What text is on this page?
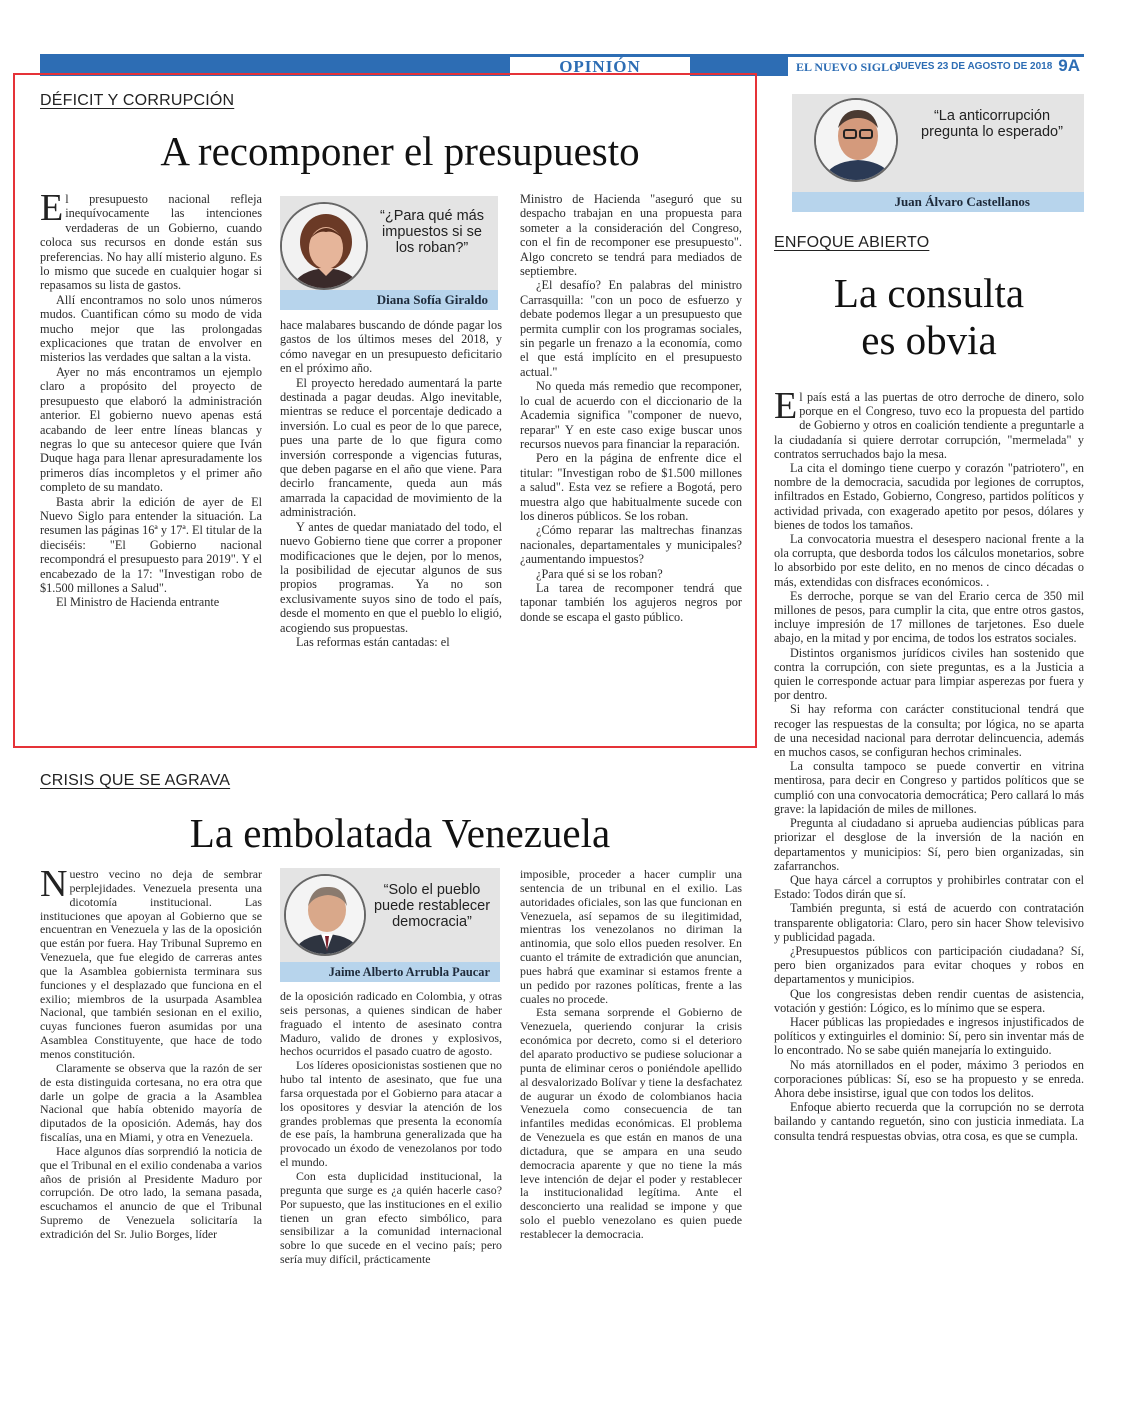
OPINIÓN	EL NUEVO SIGLO
JUEVES 23 DE AGOSTO DE 2018 9A
DÉFICIT Y CORRUPCIÓN
A recomponer el presupuesto

El presupuesto nacional refleja inequívocamente las intenciones verdaderas de un Gobierno, cuando coloca sus recursos en donde están sus preferencias. No hay allí misterio alguno. Es lo mismo que sucede en cualquier hogar si repasamos su lista de gastos.

Allí encontramos no solo unos números mudos. Cuantifican cómo su modo de vida mucho mejor que las prolongadas explicaciones que tratan de envolver en misterios las verdades que saltan a la vista.

Ayer no más encontramos un ejemplo claro a propósito del proyecto de presupuesto que elaboró la administración anterior. El gobierno nuevo apenas está acabando de leer entre líneas blancas y negras lo que su antecesor quiere que Iván Duque haga para llenar apresuradamente los primeros días incompletos y el primer año completo de su mandato.

Basta abrir la edición de ayer de El Nuevo Siglo para entender la situación. La resumen las páginas 16ª y 17ª. El titular de la dieciséis: "El Gobierno nacional recompondrá el presupuesto para 2019". Y el encabezado de la 17: "Investigan robo de $1.500 millones a Salud".

El Ministro de Hacienda entrante

“¿Para qué más impuestos si se los roban?”
Diana Sofía Giraldo

hace malabares buscando de dónde pagar los gastos de los últimos meses del 2018, y cómo navegar en un presupuesto deficitario en el próximo año.

El proyecto heredado aumentará la parte destinada a pagar deudas. Algo inevitable, mientras se reduce el porcentaje dedicado a inversión. Lo cual es peor de lo que parece, pues una parte de lo que figura como inversión corresponde a vigencias futuras, que deben pagarse en el año que viene. Para decirlo francamente, queda aun más amarrada la capacidad de movimiento de la administración.

Y antes de quedar maniatado del todo, el nuevo Gobierno tiene que correr a proponer modificaciones que le dejen, por lo menos, la posibilidad de ejecutar algunos de sus propios programas. Ya no son exclusivamente suyos sino de todo el país, desde el momento en que el pueblo lo eligió, acogiendo sus propuestas.

Las reformas están cantadas: el

Ministro de Hacienda "aseguró que su despacho trabajan en una propuesta para someter a la consideración del Congreso, con el fin de recomponer ese presupuesto". Algo concreto se tendrá para mediados de septiembre.

¿El desafío? En palabras del ministro Carrasquilla: "con un poco de esfuerzo y debate podemos llegar a un presupuesto que permita cumplir con los programas sociales, sin pegarle un frenazo a la economía, como el que está implícito en el presupuesto actual."

No queda más remedio que recomponer, lo cual de acuerdo con el diccionario de la Academia significa "componer de nuevo, reparar" Y en este caso exige buscar unos recursos nuevos para financiar la reparación.

Pero en la página de enfrente dice el titular: "Investigan robo de $1.500 millones a salud". Esta vez se refiere a Bogotá, pero muestra algo que habitualmente sucede con los dineros públicos. Se los roban.

¿Cómo reparar las maltrechas finanzas nacionales, departamentales y municipales? ¿aumentando impuestos?

¿Para qué si se los roban?

La tarea de recomponer tendrá que taponar también los agujeros negros por donde se escapa el gasto público.

CRISIS QUE SE AGRAVA
La embolatada Venezuela

Nuestro vecino no deja de sembrar perplejidades. Venezuela presenta una dicotomía institucional. Las instituciones que apoyan al Gobierno que se encuentran en Venezuela y las de la oposición que están por fuera. Hay Tribunal Supremo en Venezuela, que fue elegido de carreras antes que la Asamblea gobiernista terminara sus funciones y el desplazado que funciona en el exilio; miembros de la usurpada Asamblea Nacional, que también sesionan en el exilio, cuyas funciones fueron asumidas por una Asamblea Constituyente, que hace de todo menos constitución.

Claramente se observa que la razón de ser de esta distinguida cortesana, no era otra que darle un golpe de gracia a la Asamblea Nacional que había obtenido mayoría de diputados de la oposición. Además, hay dos fiscalías, una en Miami, y otra en Venezuela.

Hace algunos días sorprendió la noticia de que el Tribunal en el exilio condenaba a varios años de prisión al Presidente Maduro por corrupción. De otro lado, la semana pasada, escuchamos el anuncio de que el Tribunal Supremo de Venezuela solicitaría la extradición del Sr. Julio Borges, líder

“Solo el pueblo puede restablecer democracia”
Jaime Alberto Arrubla Paucar

de la oposición radicado en Colombia, y otras seis personas, a quienes sindican de haber fraguado el intento de asesinato contra Maduro, valido de drones y explosivos, hechos ocurridos el pasado cuatro de agosto.

Los líderes oposicionistas sostienen que no hubo tal intento de asesinato, que fue una farsa orquestada por el Gobierno para atacar a los opositores y desviar la atención de los grandes problemas que presenta la economía de ese país, la hambruna generalizada que ha provocado un éxodo de venezolanos por todo el mundo.

Con esta duplicidad institucional, la pregunta que surge es ¿a quién hacerle caso? Por supuesto, que las instituciones en el exilio tienen un gran efecto simbólico, para sensibilizar a la comunidad internacional sobre lo que sucede en el vecino país; pero sería muy difícil, prácticamente

imposible, proceder a hacer cumplir una sentencia de un tribunal en el exilio. Las autoridades oficiales, son las que funcionan en Venezuela, así sepamos de su ilegitimidad, mientras los venezolanos no diriman la antinomia, que solo ellos pueden resolver. En cuanto el trámite de extradición que anuncian, pues habrá que examinar si estamos frente a un pedido por razones políticas, frente a las cuales no procede.

Esta semana sorprende el Gobierno de Venezuela, queriendo conjurar la crisis económica por decreto, como si el deterioro del aparato productivo se pudiese solucionar a punta de eliminar ceros o poniéndole apellido al desvalorizado Bolívar y tiene la desfachatez de augurar un éxodo de colombianos hacia Venezuela como consecuencia de tan infantiles medidas económicas. El problema de Venezuela es que están en manos de una dictadura, que se ampara en una seudo democracia aparente y que no tiene la más leve intención de dejar el poder y restablecer la institucionalidad legítima. Ante el desconcierto una realidad se impone y que solo el pueblo venezolano es quien puede restablecer la democracia.

“La anticorrupción pregunta lo esperado”
Juan Álvaro Castellanos
ENFOQUE ABIERTO
La consulta
es obvia

El país está a las puertas de otro derroche de dinero, solo porque en el Congreso, tuvo eco la propuesta del partido de Gobierno y otros en coalición tendiente a preguntarle a la ciudadanía si quiere derrotar corrupción, "mermelada" y contratos serruchados bajo la mesa.

La cita el domingo tiene cuerpo y corazón "patriotero", en nombre de la democracia, sacudida por legiones de corruptos, infiltrados en Estado, Gobierno, Congreso, partidos políticos y actividad privada, con exagerado apetito por pesos, dólares y bienes de todos los tamaños.

La convocatoria muestra el desespero nacional frente a la ola corrupta, que desborda todos los cálculos monetarios, sobre lo absorbido por este delito, en no menos de cinco décadas o más, extendidas con disfraces económicos. .

Es derroche, porque se van del Erario cerca de 350 mil millones de pesos, para cumplir la cita, que entre otros gastos, incluye impresión de 17 millones de tarjetones. Eso duele abajo, en la mitad y por encima, de todos los estratos sociales.

Distintos organismos jurídicos civiles han sostenido que contra la corrupción, con siete preguntas, es a la Justicia a quien le corresponde actuar para limpiar asperezas por fuera y por dentro.

Si hay reforma con carácter constitucional tendrá que recoger las respuestas de la consulta; por lógica, no se aparta de una necesidad nacional para derrotar delincuencia, además en muchos casos, se configuran hechos criminales.

La consulta tampoco se puede convertir en vitrina mentirosa, para decir en Congreso y partidos políticos que se cumplió con una convocatoria democrática; Pero callará lo más grave: la lapidación de miles de millones.

Pregunta al ciudadano si aprueba audiencias públicas para priorizar el desglose de la inversión de la nación en departamentos y municipios: Sí, pero bien organizadas, sin zafarranchos.

Que haya cárcel a corruptos y prohibirles contratar con el Estado: Todos dirán que sí.

También pregunta, si está de acuerdo con contratación transparente obligatoria: Claro, pero sin hacer Show televisivo y publicidad pagada.

¿Presupuestos públicos con participación ciudadana? Sí, pero bien organizados para evitar choques y robos en departamentos y municipios.

Que los congresistas deben rendir cuentas de asistencia, votación y gestión: Lógico, es lo mínimo que se espera.

Hacer públicas las propiedades e ingresos injustificados de políticos y extinguirles el dominio: Sí, pero sin inventar más de lo encontrado. No se sabe quién manejaría lo extinguido.

No más atornillados en el poder, máximo 3 periodos en corporaciones públicas: Sí, eso se ha propuesto y se enreda. Ahora debe insistirse, igual que con todos los delitos.

Enfoque abierto recuerda que la corrupción no se derrota bailando y cantando reguetón, sino con justicia inmediata. La consulta tendrá respuestas obvias, otra cosa, es que se cumpla.
